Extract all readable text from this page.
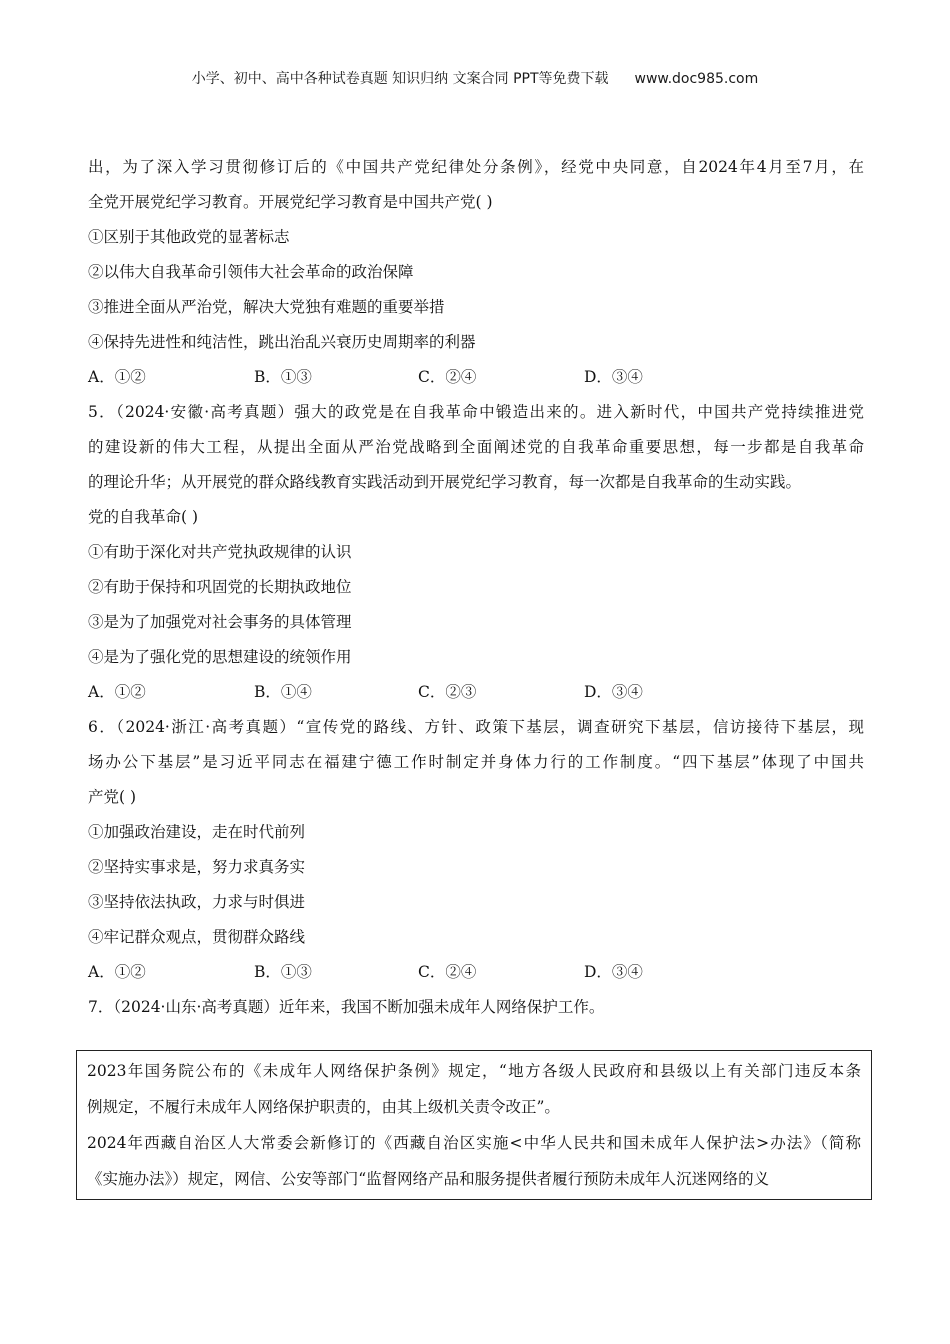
小学、初中、高中各种试卷真题 知识归纳 文案合同 PPT等免费下载 www.doc985.com
出，为了深入学习贯彻修订后的《中国共产党纪律处分条例》，经党中央同意，自2024年4月至7月，在
全党开展党纪学习教育。开展党纪学习教育是中国共产党( )
①区别于其他政党的显著标志
②以伟大自我革命引领伟大社会革命的政治保障
③推进全面从严治党，解决大党独有难题的重要举措
④保持先进性和纯洁性，跳出治乱兴衰历史周期率的利器
A．①②	B．①③	C．②④	D．③④
5．（2024·安徽·高考真题）强大的政党是在自我革命中锻造出来的。进入新时代，中国共产党持续推进党
的建设新的伟大工程，从提出全面从严治党战略到全面阐述党的自我革命重要思想，每一步都是自我革命
的理论升华；从开展党的群众路线教育实践活动到开展党纪学习教育，每一次都是自我革命的生动实践。
党的自我革命( )
①有助于深化对共产党执政规律的认识
②有助于保持和巩固党的长期执政地位
③是为了加强党对社会事务的具体管理
④是为了强化党的思想建设的统领作用
A．①②	B．①④	C．②③	D．③④
6．（2024·浙江·高考真题）“宣传党的路线、方针、政策下基层，调查研究下基层，信访接待下基层，现
场办公下基层”是习近平同志在福建宁德工作时制定并身体力行的工作制度。“四下基层”体现了中国共
产党( )
①加强政治建设，走在时代前列
②坚持实事求是，努力求真务实
③坚持依法执政，力求与时俱进
④牢记群众观点，贯彻群众路线
A．①②	B．①③	C．②④	D．③④
7．（2024·山东·高考真题）近年来，我国不断加强未成年人网络保护工作。
2023年国务院公布的《未成年人网络保护条例》规定，“地方各级人民政府和县级以上有关部门违反本条
例规定，不履行未成年人网络保护职责的，由其上级机关责令改正”。
2024年西藏自治区人大常委会新修订的《西藏自治区实施<中华人民共和国未成年人保护法>办法》（简称
《实施办法》）规定，网信、公安等部门“监督网络产品和服务提供者履行预防未成年人沉迷网络的义
